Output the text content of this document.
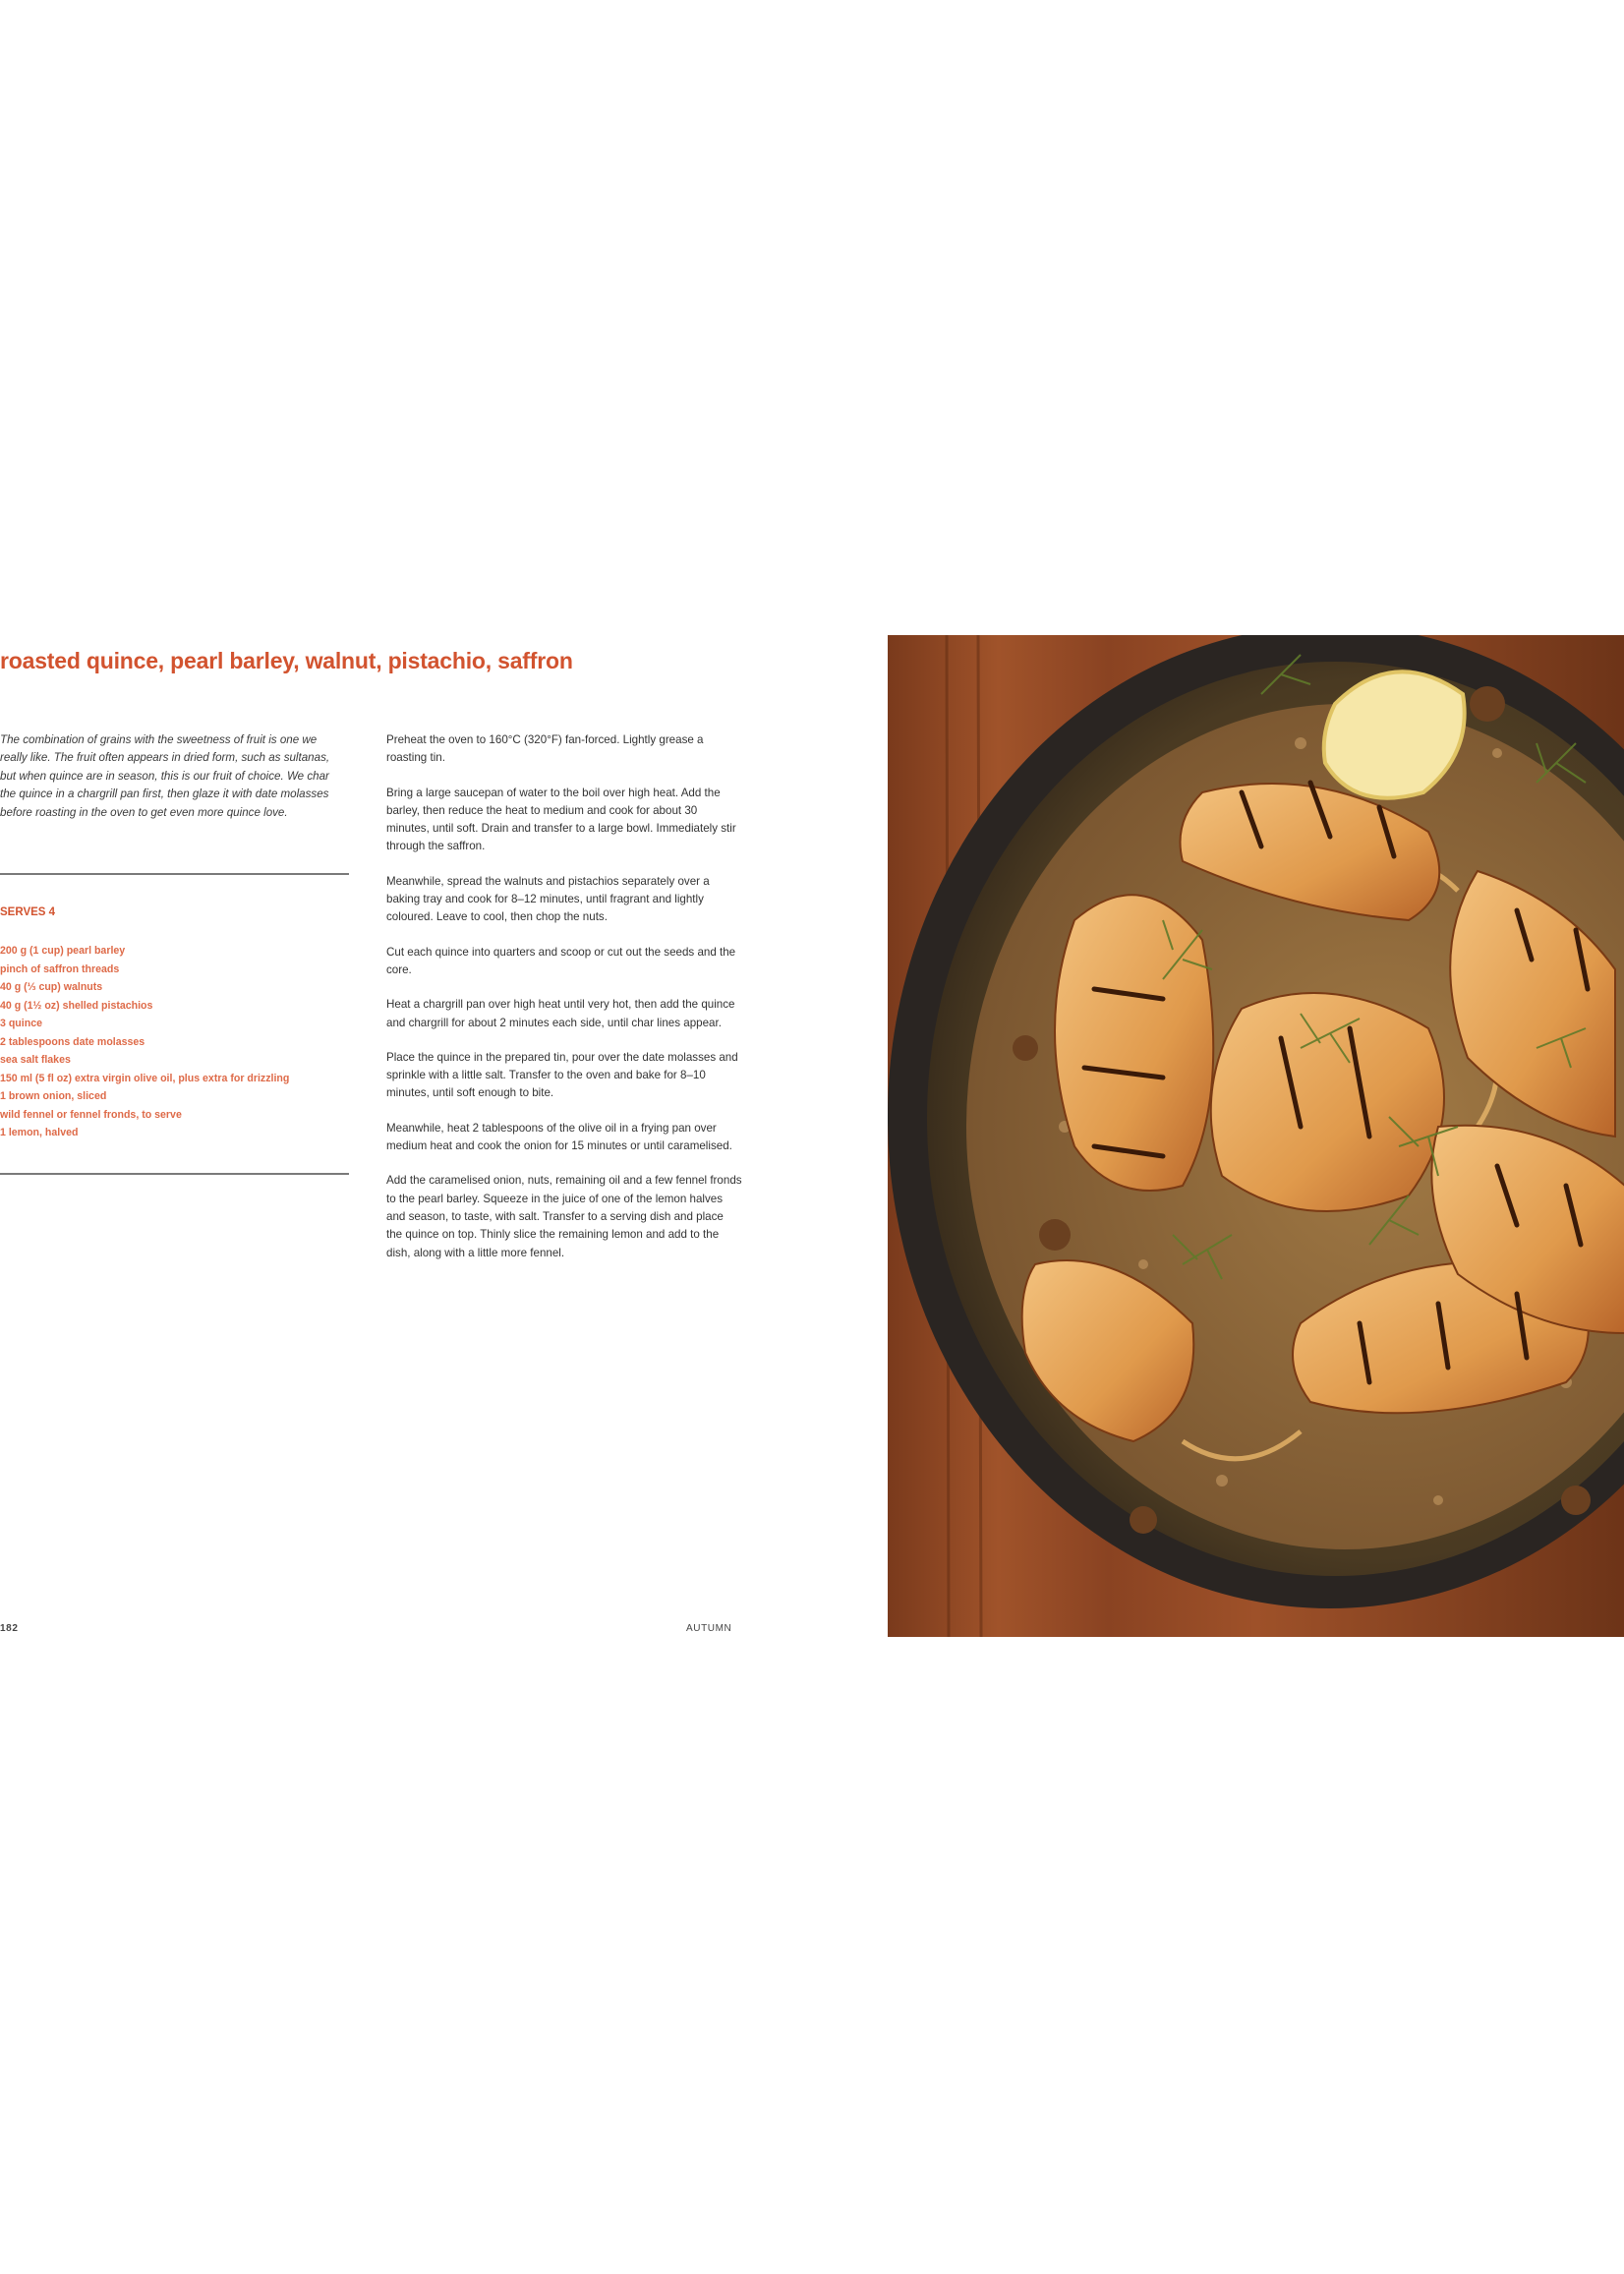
roasted quince, pearl barley, walnut, pistachio, saffron

The combination of grains with the sweetness of fruit is one we really like. The fruit often appears in dried form, such as sultanas, but when quince are in season, this is our fruit of choice. We char the quince in a chargrill pan first, then glaze it with date molasses before roasting in the oven to get even more quince love.

SERVES 4
200 g (1 cup) pearl barley
pinch of saffron threads
40 g (⅓ cup) walnuts
40 g (1½ oz) shelled pistachios
3 quince
2 tablespoons date molasses
sea salt flakes
150 ml (5 fl oz) extra virgin olive oil, plus extra for drizzling
1 brown onion, sliced
wild fennel or fennel fronds, to serve
1 lemon, halved

Preheat the oven to 160°C (320°F) fan-forced. Lightly grease a roasting tin.

Bring a large saucepan of water to the boil over high heat. Add the barley, then reduce the heat to medium and cook for about 30 minutes, until soft. Drain and transfer to a large bowl. Immediately stir through the saffron.

Meanwhile, spread the walnuts and pistachios separately over a baking tray and cook for 8–12 minutes, until fragrant and lightly coloured. Leave to cool, then chop the nuts.

Cut each quince into quarters and scoop or cut out the seeds and the core.

Heat a chargrill pan over high heat until very hot, then add the quince and chargrill for about 2 minutes each side, until char lines appear.

Place the quince in the prepared tin, pour over the date molasses and sprinkle with a little salt. Transfer to the oven and bake for 8–10 minutes, until soft enough to bite.

Meanwhile, heat 2 tablespoons of the olive oil in a frying pan over medium heat and cook the onion for 15 minutes or until caramelised.

Add the caramelised onion, nuts, remaining oil and a few fennel fronds to the pearl barley. Squeeze in the juice of one of the lemon halves and season, to taste, with salt. Transfer to a serving dish and place the quince on top. Thinly slice the remaining lemon and add to the dish, along with a little more fennel.

182	AUTUMN
